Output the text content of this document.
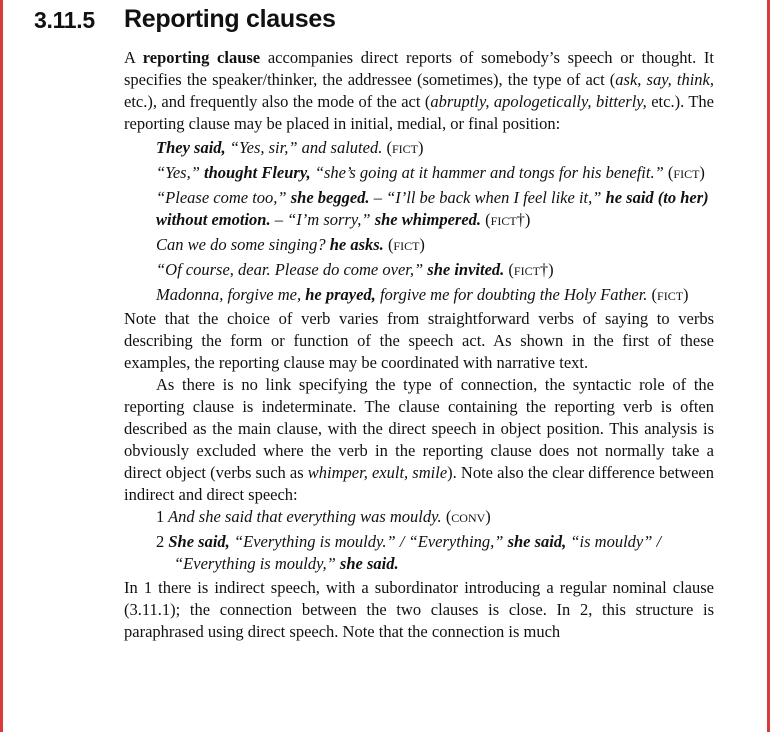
3.11.5 Reporting clauses

A reporting clause accompanies direct reports of somebody’s speech or thought. It specifies the speaker/thinker, the addressee (sometimes), the type of act (ask, say, think, etc.), and frequently also the mode of the act (abruptly, apologetically, bitterly, etc.). The reporting clause may be placed in initial, medial, or final position:

They said, “Yes, sir,” and saluted. (fict)

“Yes,” thought Fleury, “she’s going at it hammer and tongs for his benefit.” (fict)

“Please come too,” she begged. – “I’ll be back when I feel like it,” he said (to her) without emotion. – “I’m sorry,” she whimpered. (fict†)

Can we do some singing? he asks. (fict)

“Of course, dear. Please do come over,” she invited. (fict†)

Madonna, forgive me, he prayed, forgive me for doubting the Holy Father. (fict)

Note that the choice of verb varies from straightforward verbs of saying to verbs describing the form or function of the speech act. As shown in the first of these examples, the reporting clause may be coordinated with narrative text.

As there is no link specifying the type of connection, the syntactic role of the reporting clause is indeterminate. The clause containing the reporting verb is often described as the main clause, with the direct speech in object position. This analysis is obviously excluded where the verb in the reporting clause does not normally take a direct object (verbs such as whimper, exult, smile). Note also the clear difference between indirect and direct speech:

1 And she said that everything was mouldy. (conv)

2 She said, “Everything is mouldy.” / “Everything,” she said, “is mouldy” / “Everything is mouldy,” she said.

In 1 there is indirect speech, with a subordinator introducing a regular nominal clause (3.11.1); the connection between the two clauses is close. In 2, this structure is paraphrased using direct speech. Note that the connection is much
